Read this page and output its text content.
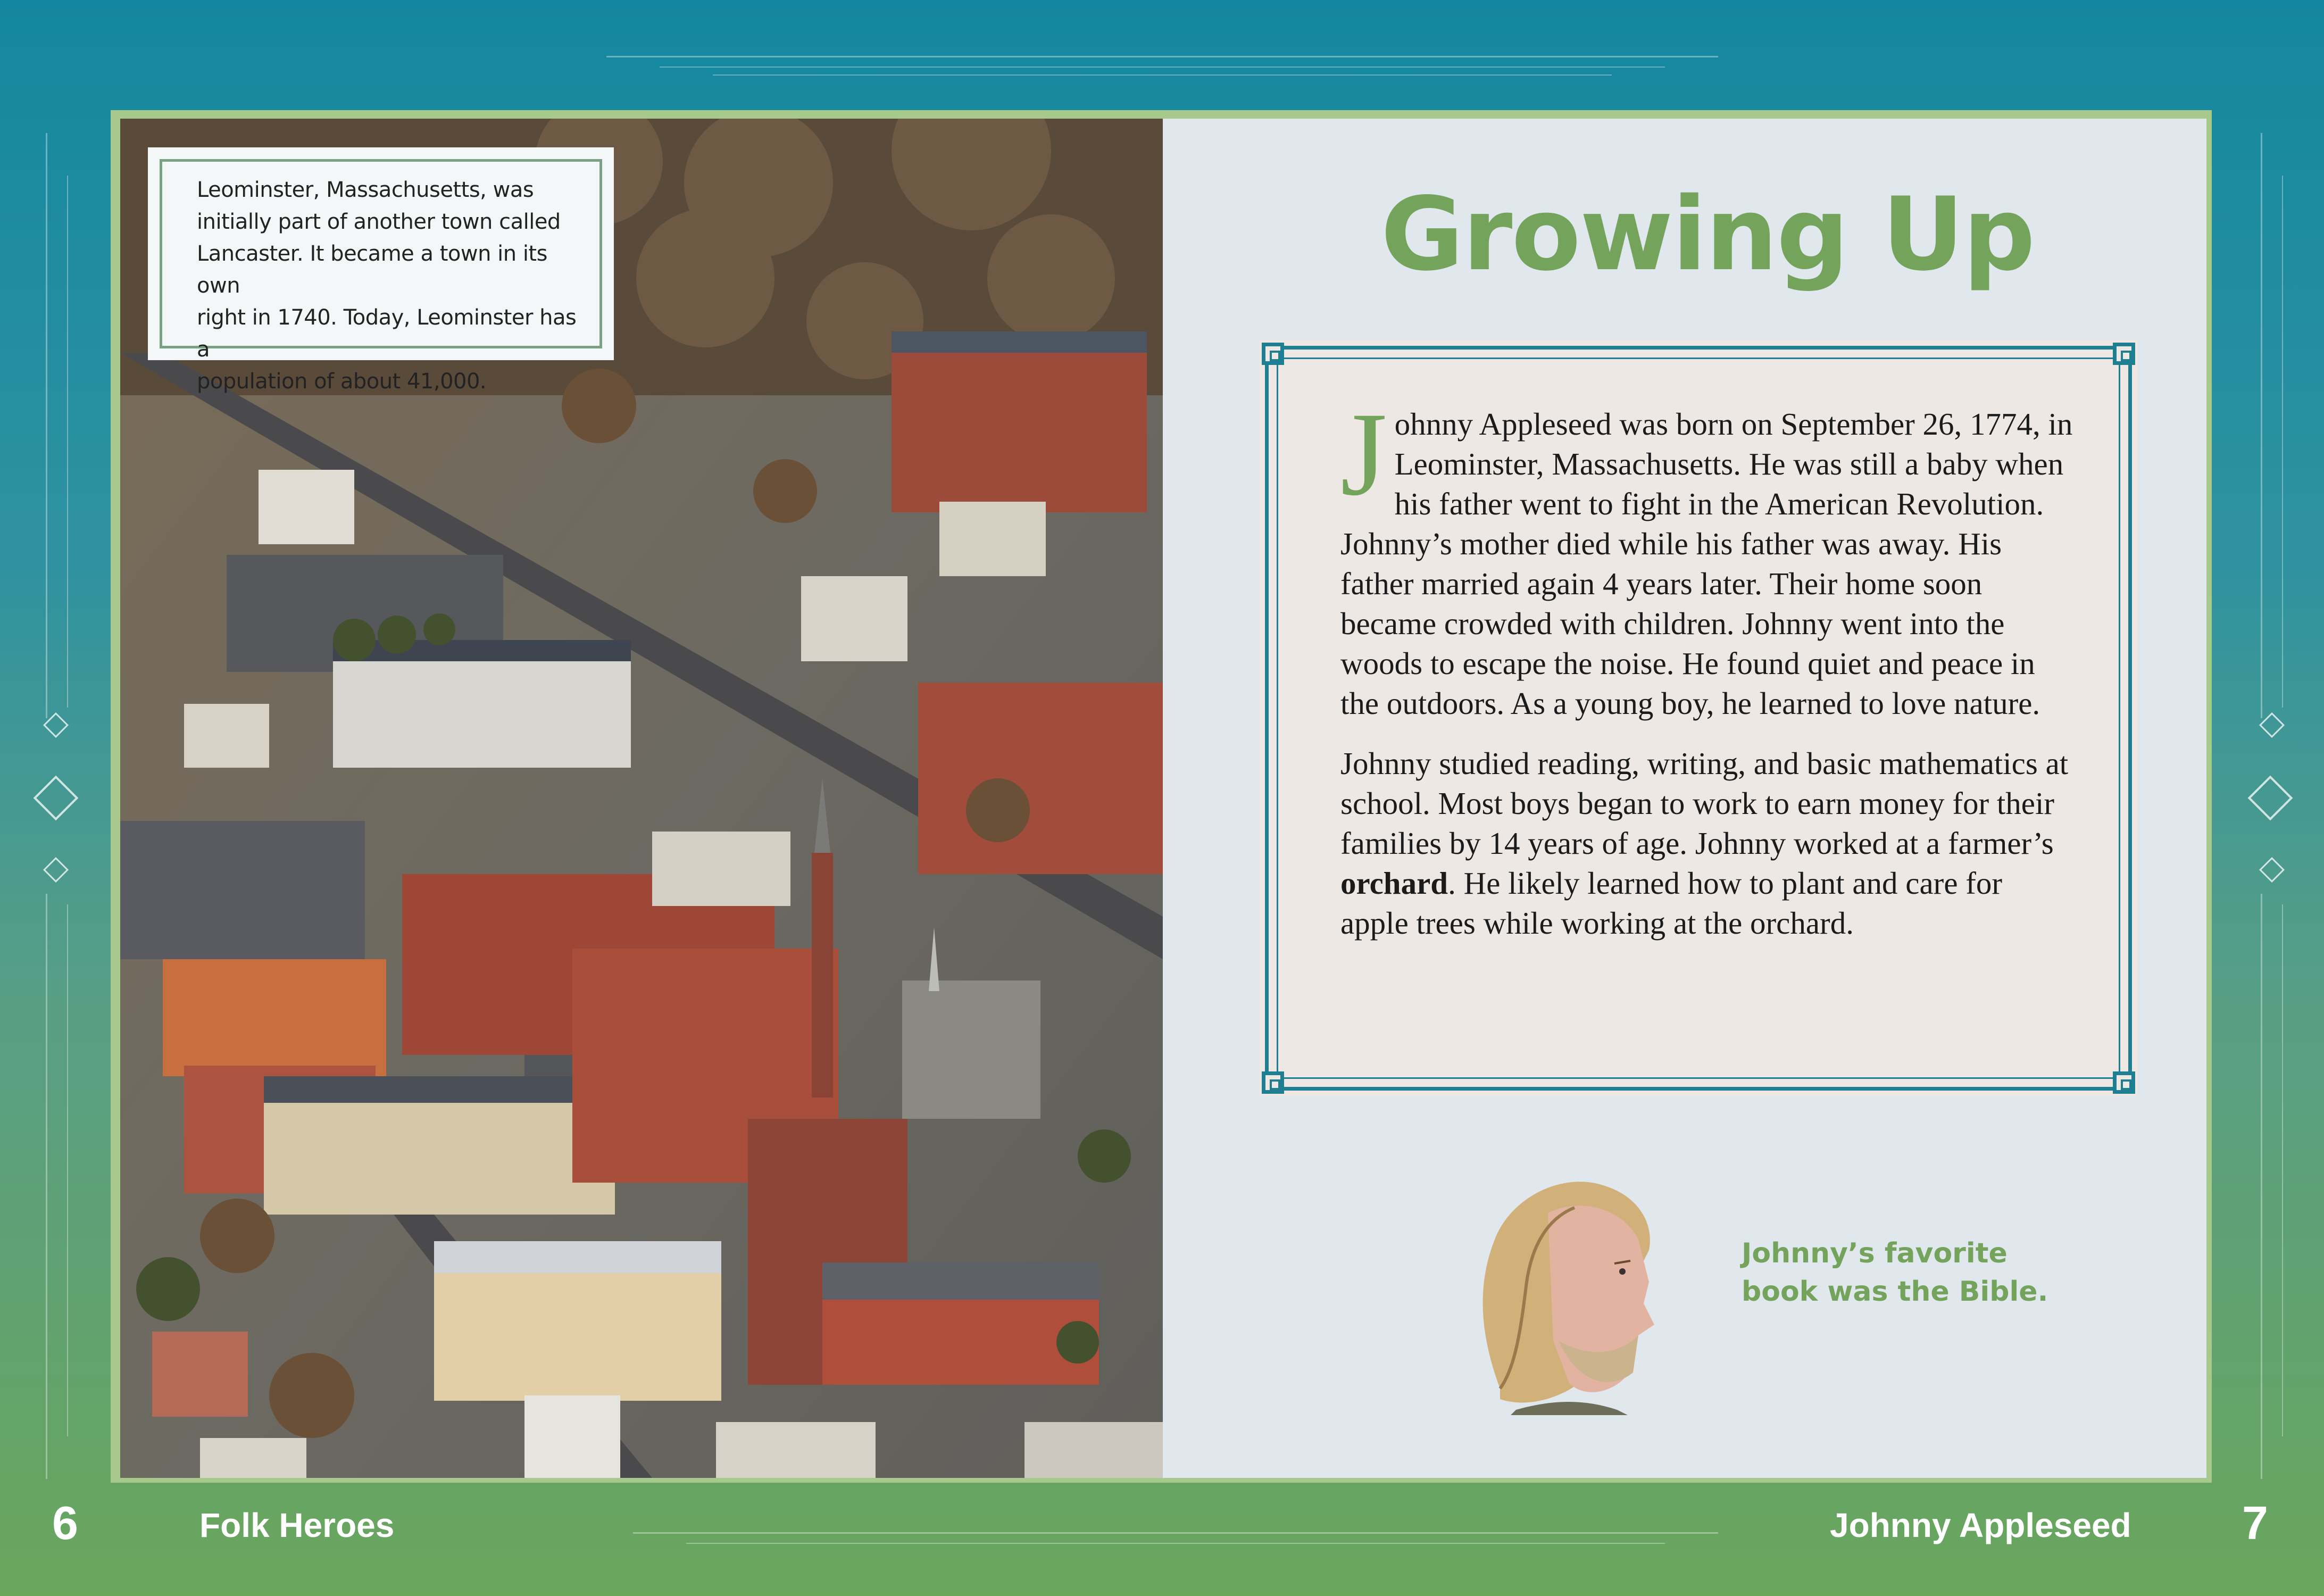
Leominster, Massachusetts, was
initially part of another town called
Lancaster. It became a town in its own
right in 1740. Today, Leominster has a
population of about 41,000.
Growing Up

Johnny Appleseed was born on September 26, 1774, in Leominster, Massachusetts. He was still a baby when his father went to fight in the American Revolution. Johnny’s mother died while his father was away. His father married again 4 years later. Their home soon became crowded with children. Johnny went into the woods to escape the noise. He found quiet and peace in the outdoors. As a young boy, he learned to love nature.

Johnny studied reading, writing, and basic mathematics at school. Most boys began to work to earn money for their families by 14 years of age. Johnny worked at a farmer’s orchard. He likely learned how to plant and care for apple trees while working at the orchard.

Johnny’s favorite
book was the Bible.
6	Folk Heroes	Johnny Appleseed 7
